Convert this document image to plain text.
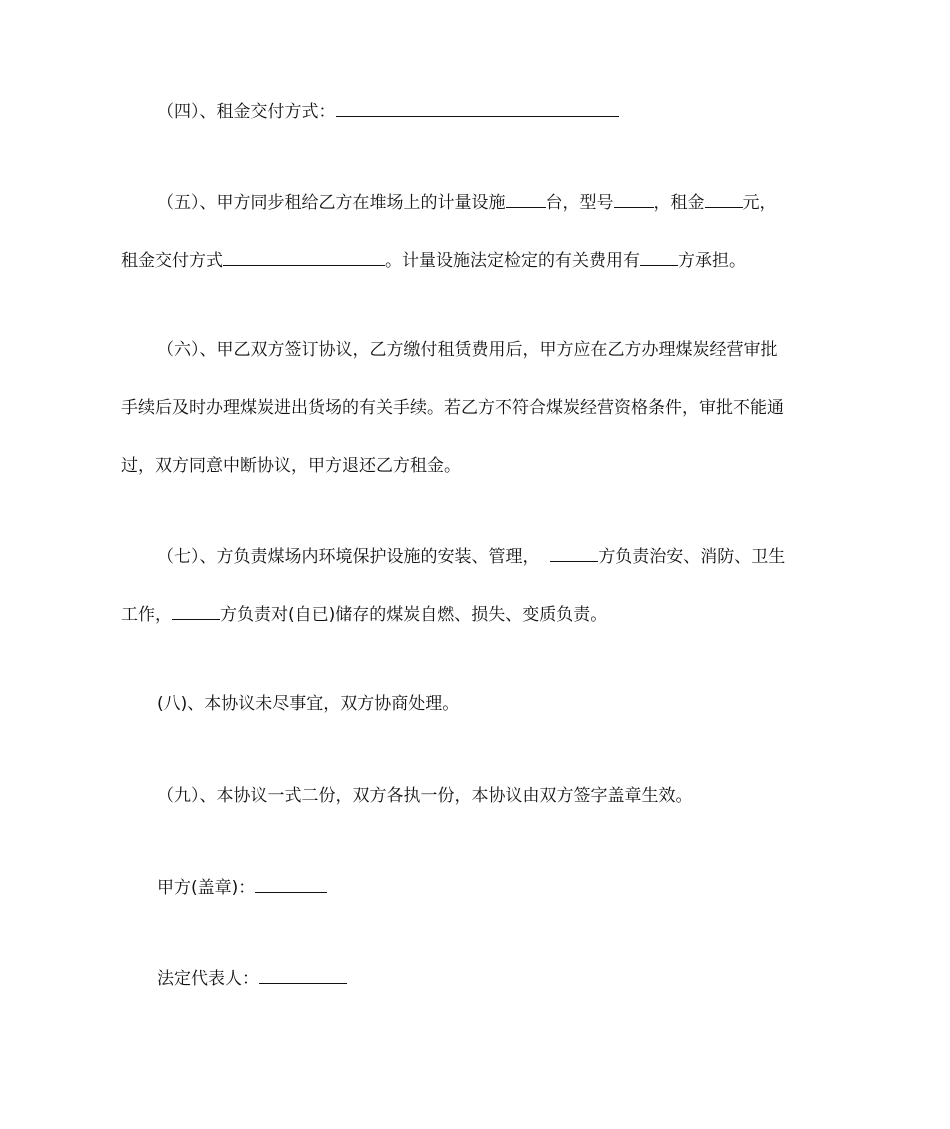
（四）、租金交付方式：
（五）、甲方同步租给乙方在堆场上的计量设施 台，型号 ，租金 元，
租金交付方式	。计量设施法定检定的有关费用有 方承担。
（六）、甲乙双方签订协议，乙方缴付租赁费用后，甲方应在乙方办理煤炭经营审批
手续后及时办理煤炭进出货场的有关手续。若乙方不符合煤炭经营资格条件，审批不能通
过，双方同意中断协议，甲方退还乙方租金。
（七）、方负责煤场内环境保护设施的安装、管理，	方负责治安、消防、卫生
工作，	方负责对(自已)储存的煤炭自燃、损失、变质负责。
(八)、本协议未尽事宜，双方协商处理。
（九）、本协议一式二份，双方各执一份，本协议由双方签字盖章生效。
甲方(盖章)：
法定代表人：
